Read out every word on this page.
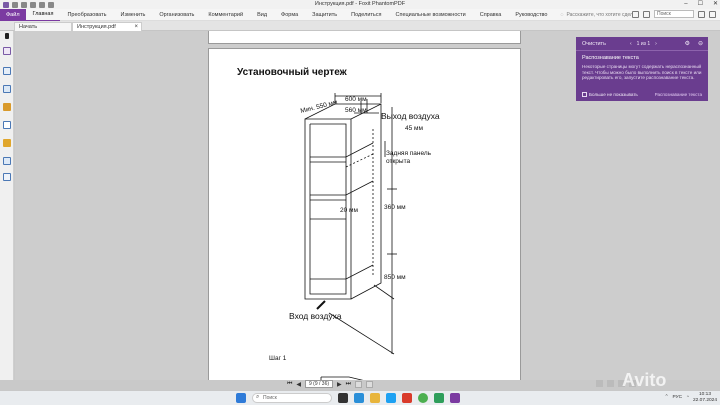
Инструкция.pdf - Foxit PhantomPDF	– ☐ ✕
Файл	Главная	Преобразовать	Изменить	Организовать	Комментарий	Вид	Форма	Защитить	Поделиться	Специальные возможности	Справка	Руководство	◌ Расскажите, что хотите сдел	Поиск
Начать	Инструкция.pdf	×
Установочный чертеж
600 мм
Мин. 550 мм 560 мм
Выход воздуха
45 мм
Задняя панель
открыта
20 мм	360 мм
850 мм
Вход воздуха
Шаг 1
Очистить	‹ 1 из 1 ›	⚙ ⊖
Распознавание текста
Некоторые страницы могут содержать нераспознанный текст. Чтобы можно было выполнить поиск в тексте или редактировать его, запустите распознавание текста.
Больше не показывать	Распознавание текста
⏮ ◀	9 (9 / 36)	▶ ⏭	Avito
⌕ Поиск	⌃ РУС ◔
10:13
22.07.2024
